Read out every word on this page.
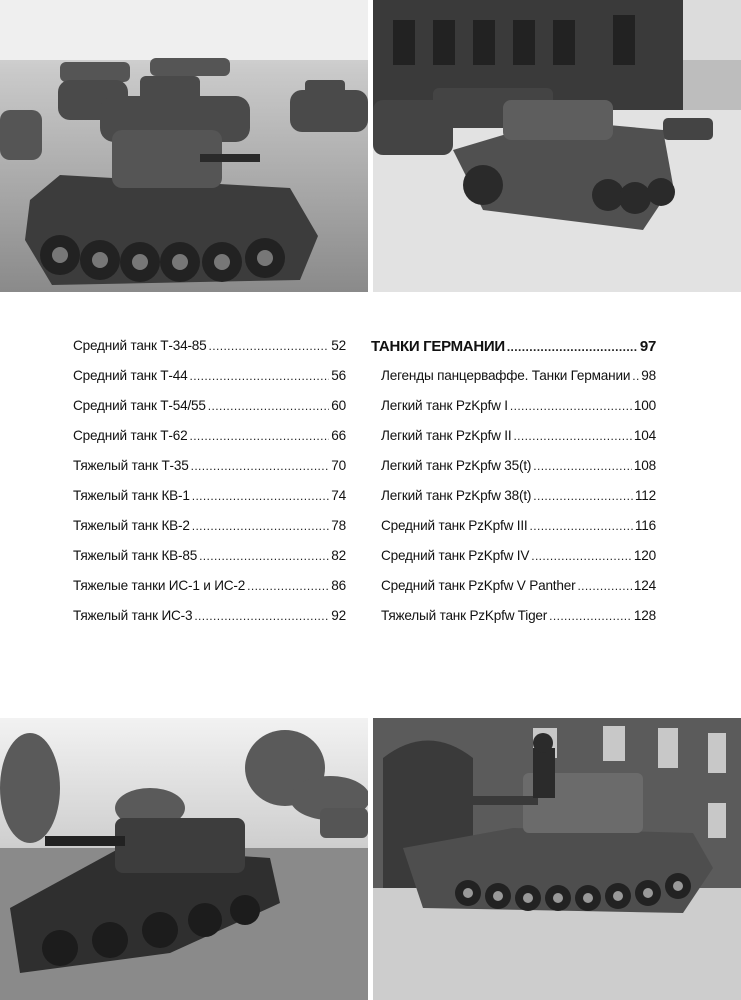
Средний танк Т-34-85 .....	52
Средний танк Т-44 .....	56
Средний танк Т-54/55 .....	60
Средний танк Т-62 .....	66
Тяжелый танк Т-35 .....	70
Тяжелый танк КВ-1 .....	74
Тяжелый танк КВ-2 .....	78
Тяжелый танк КВ-85 .....	82
Тяжелые танки ИС-1 и ИС-2 .....	86
Тяжелый танк ИС-3 .....	92
ТАНКИ ГЕРМАНИИ .....	97
Легенды панцерваффе. Танки Германии ..... 98
Легкий танк PzKpfw I .....	100
Легкий танк PzKpfw II .....	104
Легкий танк PzKpfw 35(t) .....	108
Легкий танк PzKpfw 38(t) .....	112
Средний танк PzKpfw III .....	116
Средний танк PzKpfw IV .....	120
Средний танк PzKpfw V Panther .....	124
Тяжелый танк PzKpfw Tiger .....	128
